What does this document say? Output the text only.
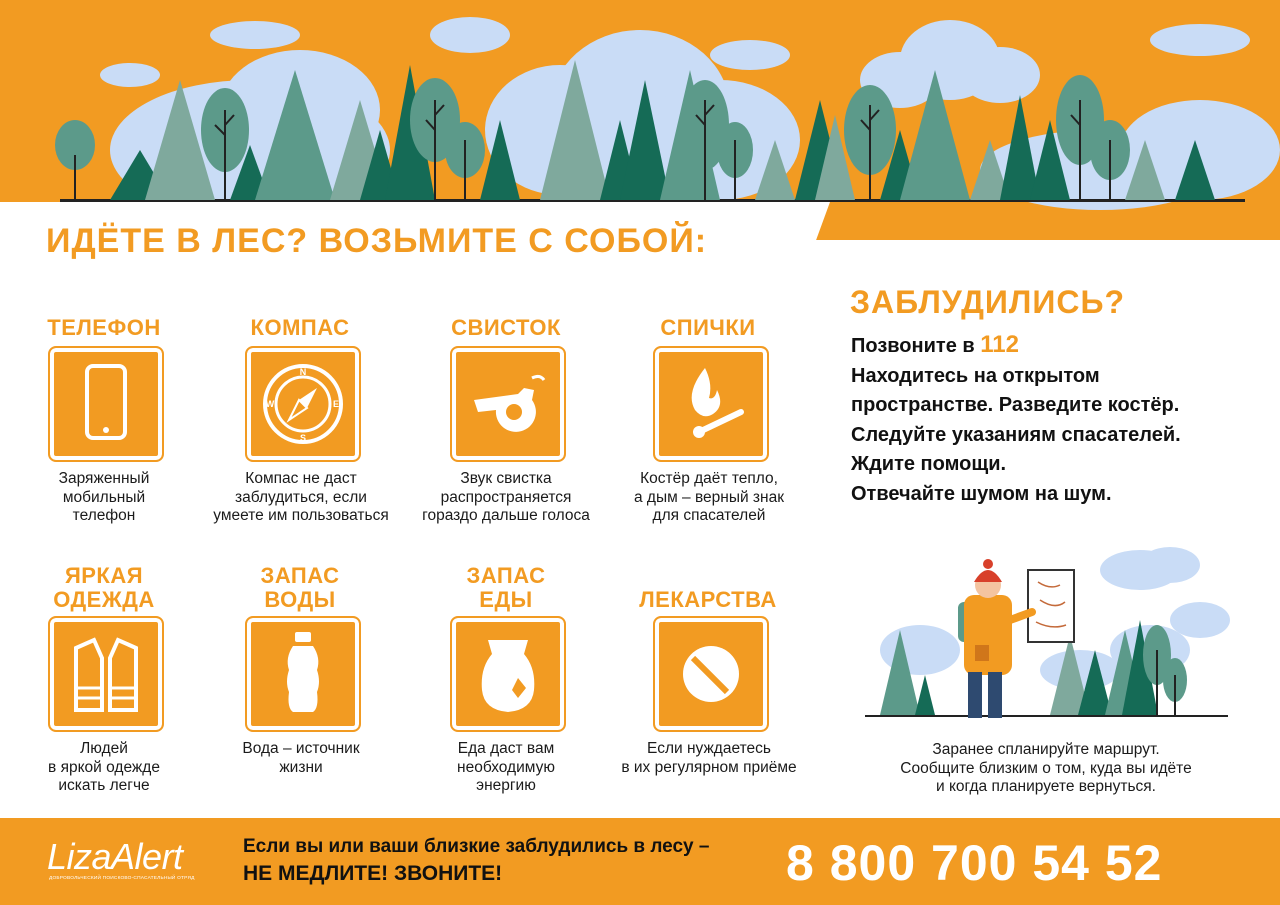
ИДЁТЕ В ЛЕС? ВОЗЬМИТЕ С СОБОЙ:
ТЕЛЕФОН	КОМПАС	СВИСТОК	СПИЧКИ
ЯРКАЯ
ОДЕЖДА
ЗАПАС
ВОДЫ
ЗАПАС
ЕДЫ	ЛЕКАРСТВА
ЗАБЛУДИЛИСЬ?
Позвоните в 112
Находитесь на открытом
пространстве. Разведите костёр.
Следуйте указаниям спасателей.
Ждите помощи.
Отвечайте шумом на шум.
Заранее спланируйте маршрут.
Сообщите близким о том, куда вы идёте
и когда планируете вернуться.
LizaAlert
ДОБРОВОЛЬЧЕСКИЙ ПОИСКОВО-СПАСАТЕЛЬНЫЙ ОТРЯД
Если вы или ваши близкие заблудились в лесу –
НЕ МЕДЛИТЕ! ЗВОНИТЕ!	8 800 700 54 52
Заряженный
мобильный
телефон
N
S
W	E
Компас не даст
заблудиться, если
умеете им пользоваться
Звук свистка
распространяется
гораздо дальше голоса
Костёр даёт тепло,
а дым – верный знак
для спасателей
Людей
в яркой одежде
искать легче
Вода – источник
жизни
Еда даст вам
необходимую
энергию
Если нуждаетесь
в их регулярном приёме
